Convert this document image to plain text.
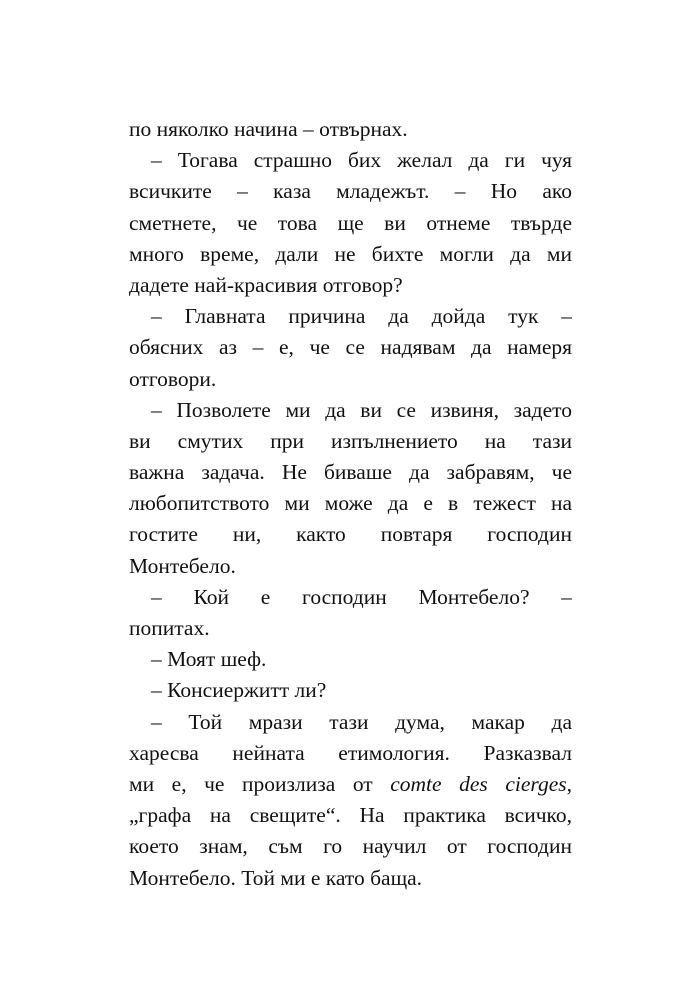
по няколко начина – отвърнах.
– Тогава страшно бих желал да ги чуя
всичките – каза младежът. – Но ако
сметнете, че това ще ви отнеме твърде
много време, дали не бихте могли да ми
дадете най-красивия отговор?
– Главната причина да дойда тук –
обясних аз – е, че се надявам да намеря
отговори.
– Позволете ми да ви се извиня, задето
ви смутих при изпълнението на тази
важна задача. Не биваше да забравям, че
любопитството ми може да е в тежест на
гостите ни, както повтаря господин
Монтебело.
– Кой е господин Монтебело? –
попитах.
– Моят шеф.
– Консиержитт ли?
– Той мрази тази дума, макар да
харесва нейната етимология. Разказвал
ми е, че произлиза от comte des cierges,
„графа на свещите“. На практика всичко,
което знам, съм го научил от господин
Монтебело. Той ми е като баща.
